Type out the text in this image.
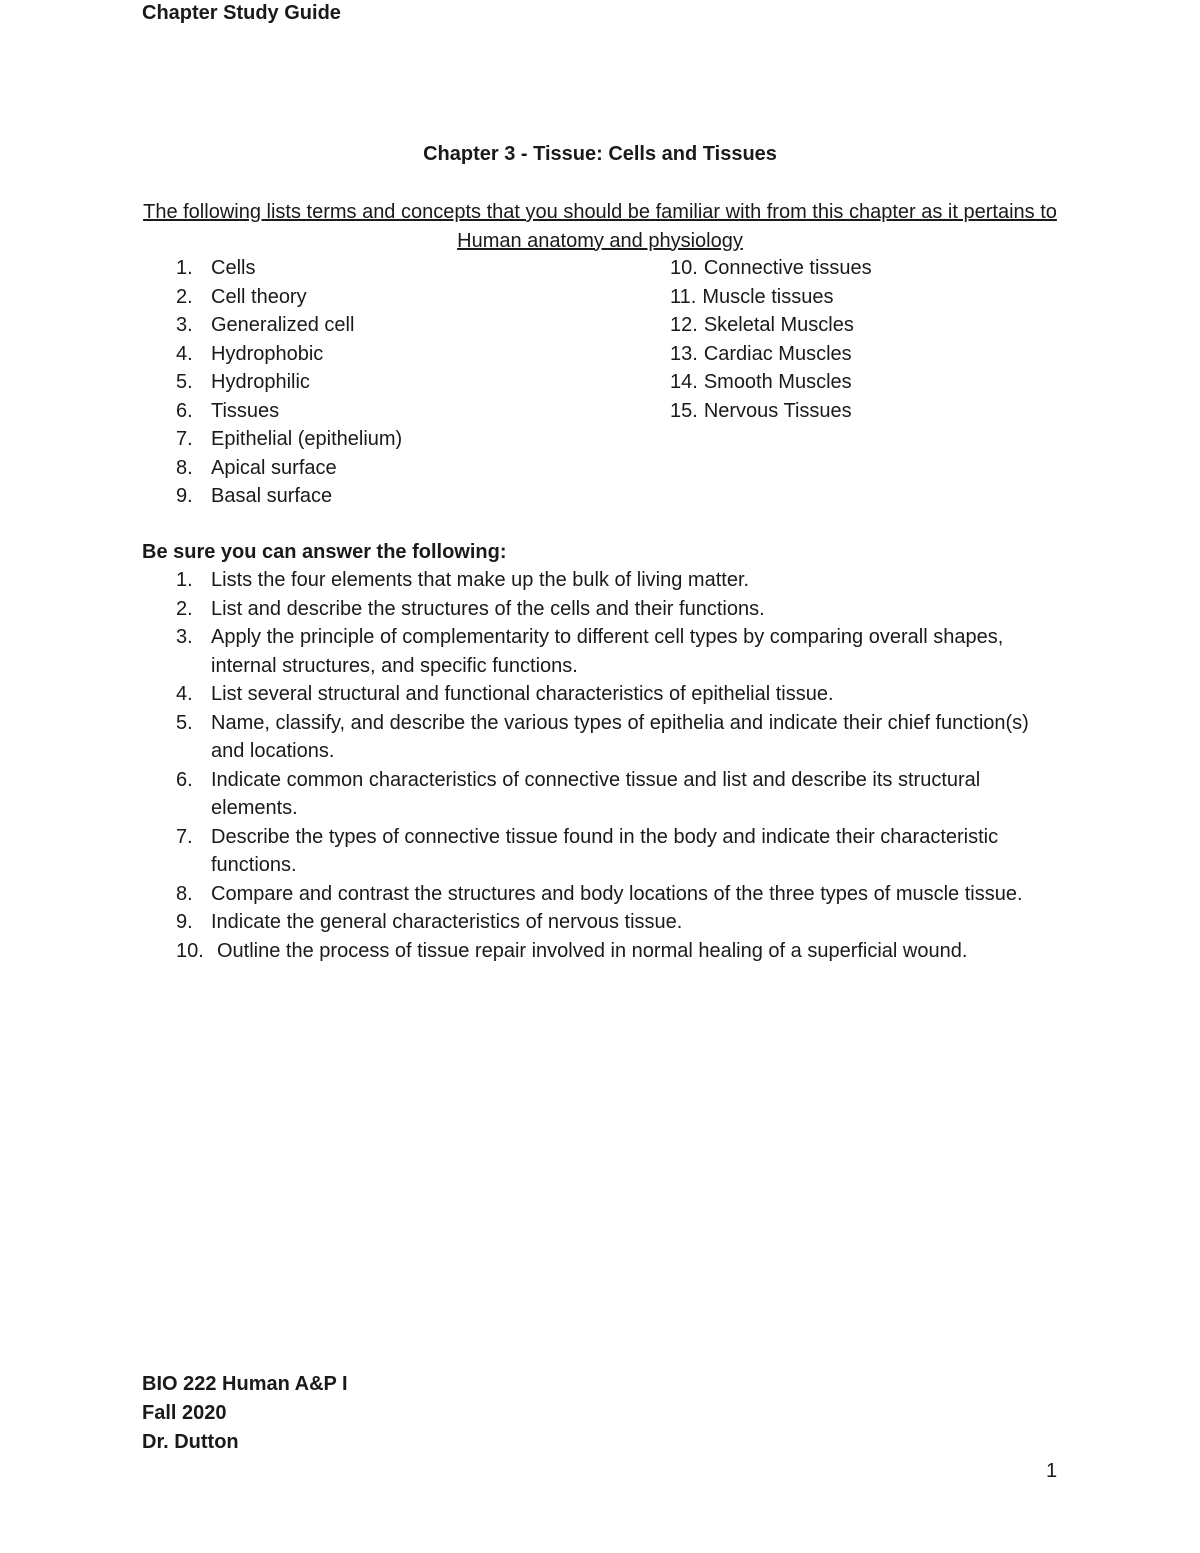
Chapter Study Guide
Chapter 3 - Tissue: Cells and Tissues
The following lists terms and concepts that you should be familiar with from this chapter as it pertains to Human anatomy and physiology
1. Cells
2. Cell theory
3. Generalized cell
4. Hydrophobic
5. Hydrophilic
6. Tissues
7. Epithelial (epithelium)
8. Apical surface
9. Basal surface
10. Connective tissues
11. Muscle tissues
12. Skeletal Muscles
13. Cardiac Muscles
14. Smooth Muscles
15. Nervous Tissues
Be sure you can answer the following:
1. Lists the four elements that make up the bulk of living matter.
2. List and describe the structures of the cells and their functions.
3. Apply the principle of complementarity to different cell types by comparing overall shapes, internal structures, and specific functions.
4. List several structural and functional characteristics of epithelial tissue.
5. Name, classify, and describe the various types of epithelia and indicate their chief function(s) and locations.
6. Indicate common characteristics of connective tissue and list and describe its structural elements.
7. Describe the types of connective tissue found in the body and indicate their characteristic functions.
8. Compare and contrast the structures and body locations of the three types of muscle tissue.
9. Indicate the general characteristics of nervous tissue.
10. Outline the process of tissue repair involved in normal healing of a superficial wound.
BIO 222 Human A&P I
Fall 2020
Dr. Dutton
1
